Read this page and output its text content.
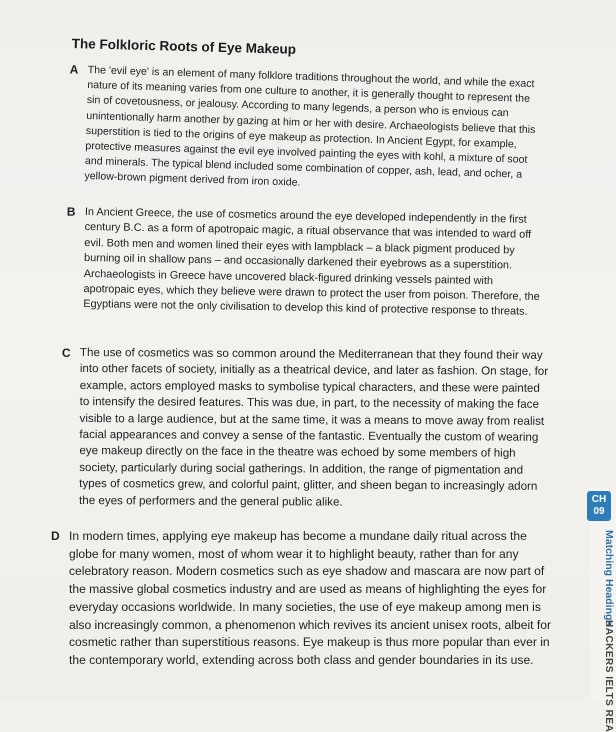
The Folkloric Roots of Eye Makeup
A The 'evil eye' is an element of many folklore traditions throughout the world, and while the exact nature of its meaning varies from one culture to another, it is generally thought to represent the sin of covetousness, or jealousy. According to many legends, a person who is envious can unintentionally harm another by gazing at him or her with desire. Archaeologists believe that this superstition is tied to the origins of eye makeup as protection. In Ancient Egypt, for example, protective measures against the evil eye involved painting the eyes with kohl, a mixture of soot and minerals. The typical blend included some combination of copper, ash, lead, and ocher, a yellow-brown pigment derived from iron oxide.
B In Ancient Greece, the use of cosmetics around the eye developed independently in the first century B.C. as a form of apotropaic magic, a ritual observance that was intended to ward off evil. Both men and women lined their eyes with lampblack – a black pigment produced by burning oil in shallow pans – and occasionally darkened their eyebrows as a superstition. Archaeologists in Greece have uncovered black-figured drinking vessels painted with apotropaic eyes, which they believe were drawn to protect the user from poison. Therefore, the Egyptians were not the only civilisation to develop this kind of protective response to threats.
C The use of cosmetics was so common around the Mediterranean that they found their way into other facets of society, initially as a theatrical device, and later as fashion. On stage, for example, actors employed masks to symbolise typical characters, and these were painted to intensify the desired features. This was due, in part, to the necessity of making the face visible to a large audience, but at the same time, it was a means to move away from realist facial appearances and convey a sense of the fantastic. Eventually the custom of wearing eye makeup directly on the face in the theatre was echoed by some members of high society, particularly during social gatherings. In addition, the range of pigmentation and types of cosmetics grew, and colorful paint, glitter, and sheen began to increasingly adorn the eyes of performers and the general public alike.
D In modern times, applying eye makeup has become a mundane daily ritual across the globe for many women, most of whom wear it to highlight beauty, rather than for any celebratory reason. Modern cosmetics such as eye shadow and mascara are now part of the massive global cosmetics industry and are used as means of highlighting the eyes for everyday occasions worldwide. In many societies, the use of eye makeup among men is also increasingly common, a phenomenon which revives its ancient unisex roots, albeit for cosmetic rather than superstitious reasons. Eye makeup is thus more popular than ever in the contemporary world, extending across both class and gender boundaries in its use.
CH
09
Matching Headings
HACKERS IELTS REA
